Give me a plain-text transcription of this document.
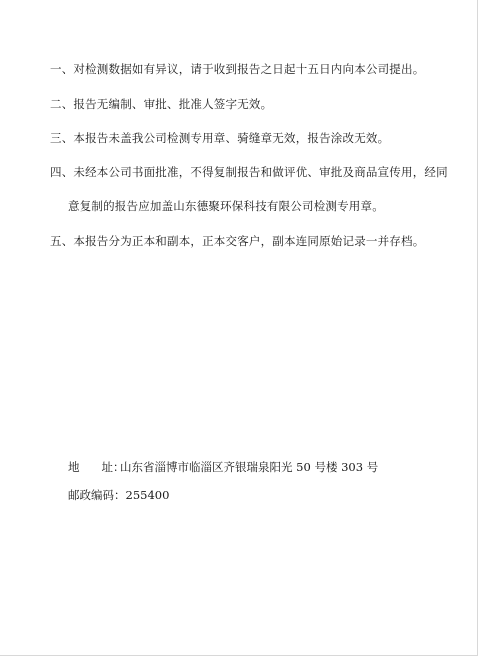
一、对检测数据如有异议，请于收到报告之日起十五日内向本公司提出。
二、报告无编制、审批、批准人签字无效。
三、本报告未盖我公司检测专用章、骑缝章无效，报告涂改无效。
四、未经本公司书面批准，不得复制报告和做评优、审批及商品宣传用，经同
意复制的报告应加盖山东德聚环保科技有限公司检测专用章。
五、本报告分为正本和副本，正本交客户，副本连同原始记录一并存档。
地 址：山东省淄博市临淄区齐银瑞泉阳光 50 号楼 303 号
邮政编码：255400
